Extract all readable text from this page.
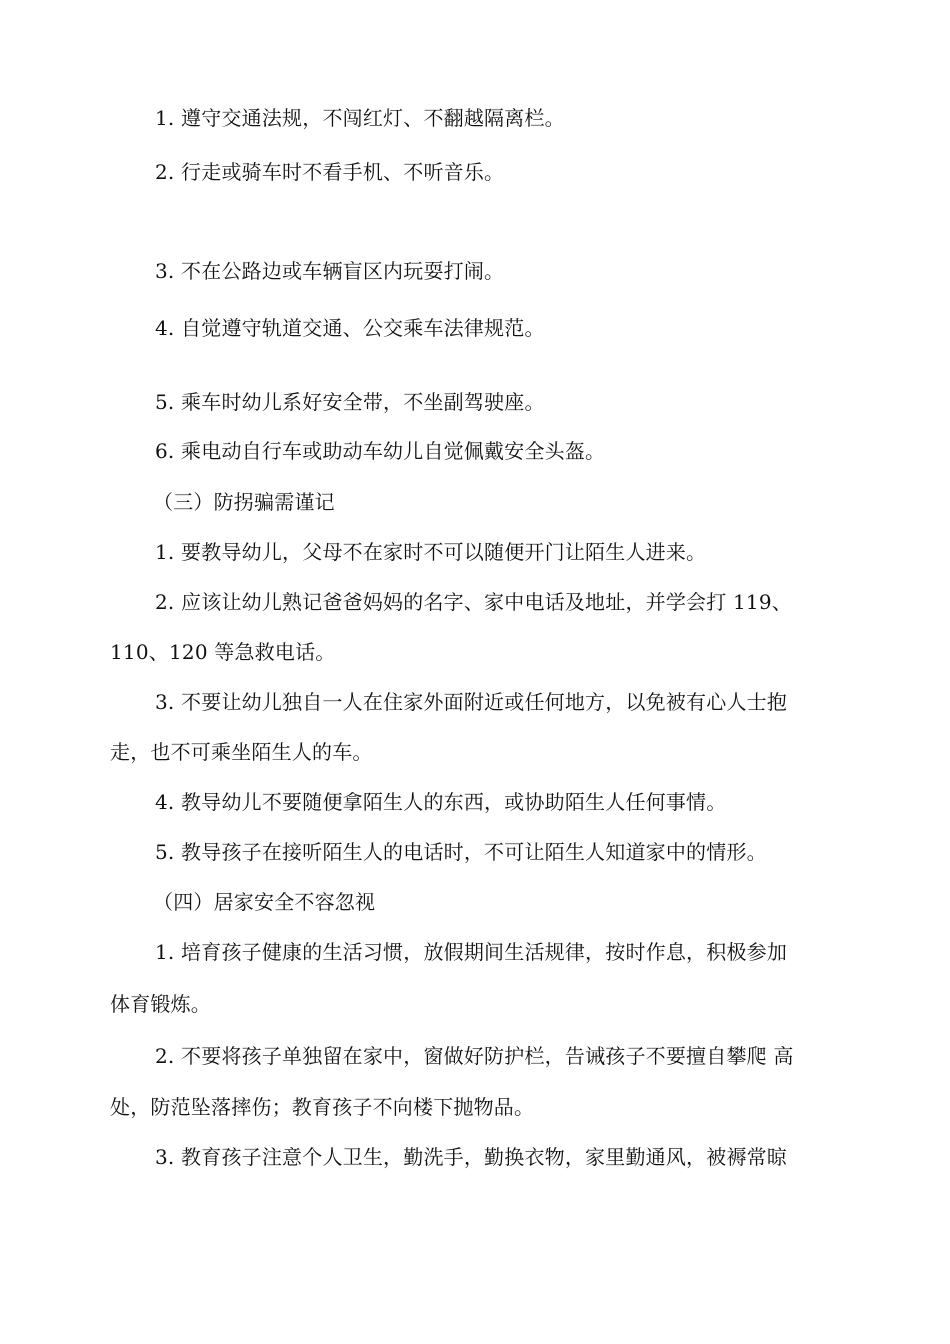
1. 遵守交通法规，不闯红灯、不翻越隔离栏。
2. 行走或骑车时不看手机、不听音乐。
3. 不在公路边或车辆盲区内玩耍打闹。
4. 自觉遵守轨道交通、公交乘车法律规范。
5. 乘车时幼儿系好安全带，不坐副驾驶座。
6. 乘电动自行车或助动车幼儿自觉佩戴安全头盔。
（三）防拐骗需谨记
1. 要教导幼儿，父母不在家时不可以随便开门让陌生人进来。
2. 应该让幼儿熟记爸爸妈妈的名字、家中电话及地址，并学会打 119、
110、120 等急救电话。
3. 不要让幼儿独自一人在住家外面附近或任何地方，以免被有心人士抱
走，也不可乘坐陌生人的车。
4. 教导幼儿不要随便拿陌生人的东西，或协助陌生人任何事情。
5. 教导孩子在接听陌生人的电话时，不可让陌生人知道家中的情形。
（四）居家安全不容忽视
1. 培育孩子健康的生活习惯，放假期间生活规律，按时作息，积极参加
体育锻炼。
2. 不要将孩子单独留在家中，窗做好防护栏，告诫孩子不要擅自攀爬 高
处，防范坠落摔伤；教育孩子不向楼下抛物品。
3. 教育孩子注意个人卫生，勤洗手，勤换衣物，家里勤通风，被褥常晾
